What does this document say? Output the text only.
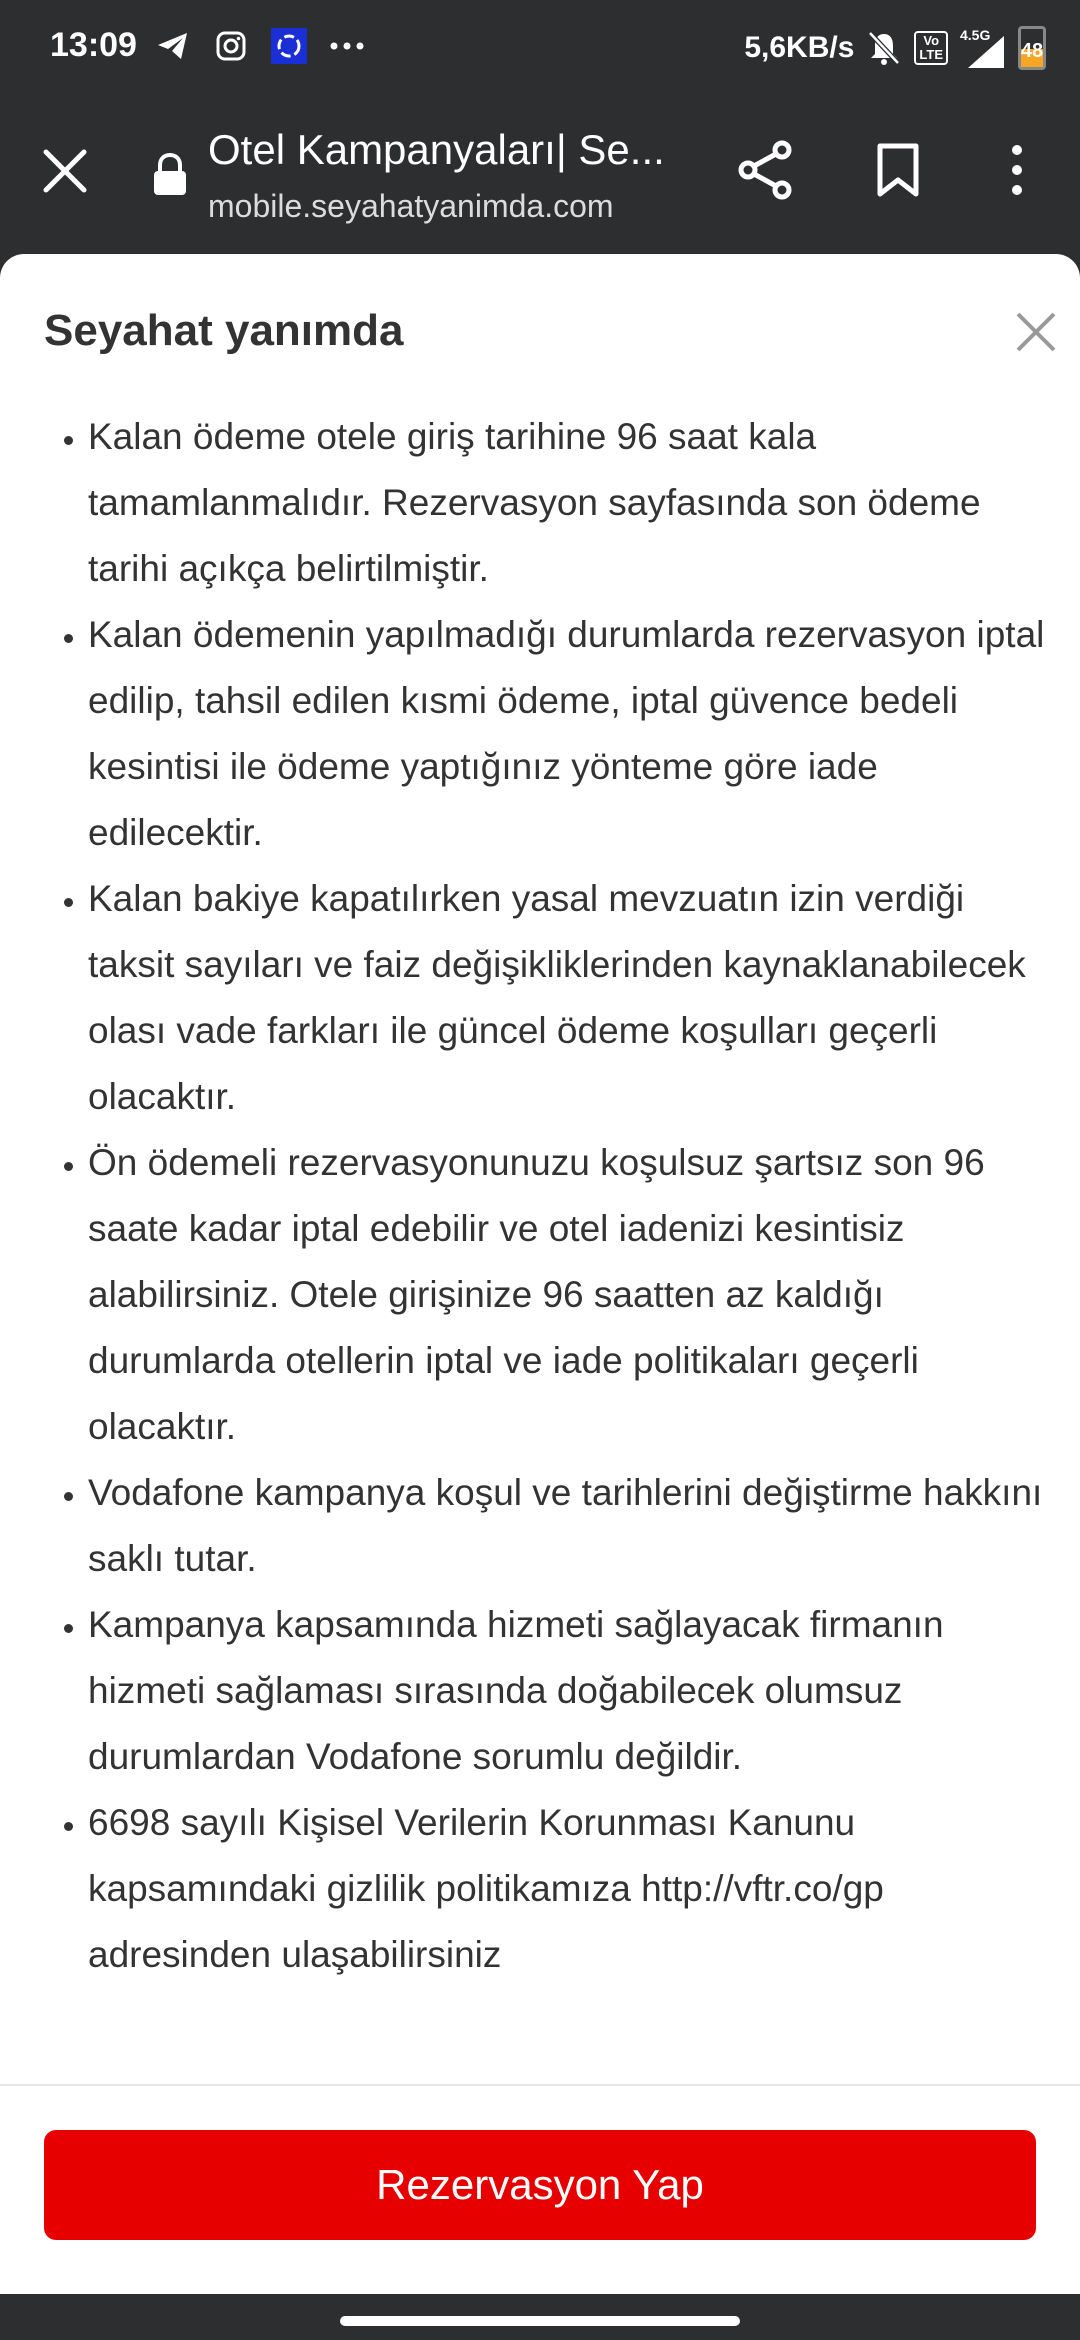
13:09	5,6KB/s	Vo
LTE
4.5G
48
Otel Kampanyaları| Se...
mobile.seyahatyanimda.com
Seyahat yanımda
• Kalan ödeme otele giriş tarihine 96 saat kala tamamlanmalıdır. Rezervasyon sayfasında son ödeme tarihi açıkça belirtilmiştir.
• Kalan ödemenin yapılmadığı durumlarda rezervasyon iptal edilip, tahsil edilen kısmi ödeme, iptal güvence bedeli kesintisi ile ödeme yaptığınız yönteme göre iade edilecektir.
• Kalan bakiye kapatılırken yasal mevzuatın izin verdiği taksit sayıları ve faiz değişikliklerinden kaynaklanabilecek olası vade farkları ile güncel ödeme koşulları geçerli olacaktır.
• Ön ödemeli rezervasyonunuzu koşulsuz şartsız son 96 saate kadar iptal edebilir ve otel iadenizi kesintisiz alabilirsiniz. Otele girişinize 96 saatten az kaldığı durumlarda otellerin iptal ve iade politikaları geçerli olacaktır.
• Vodafone kampanya koşul ve tarihlerini değiştirme hakkını saklı tutar.
• Kampanya kapsamında hizmeti sağlayacak firmanın hizmeti sağlaması sırasında doğabilecek olumsuz durumlardan Vodafone sorumlu değildir.
• 6698 sayılı Kişisel Verilerin Korunması Kanunu kapsamındaki gizlilik politikamıza http://vftr.co/gp adresinden ulaşabilirsiniz
Rezervasyon Yap
